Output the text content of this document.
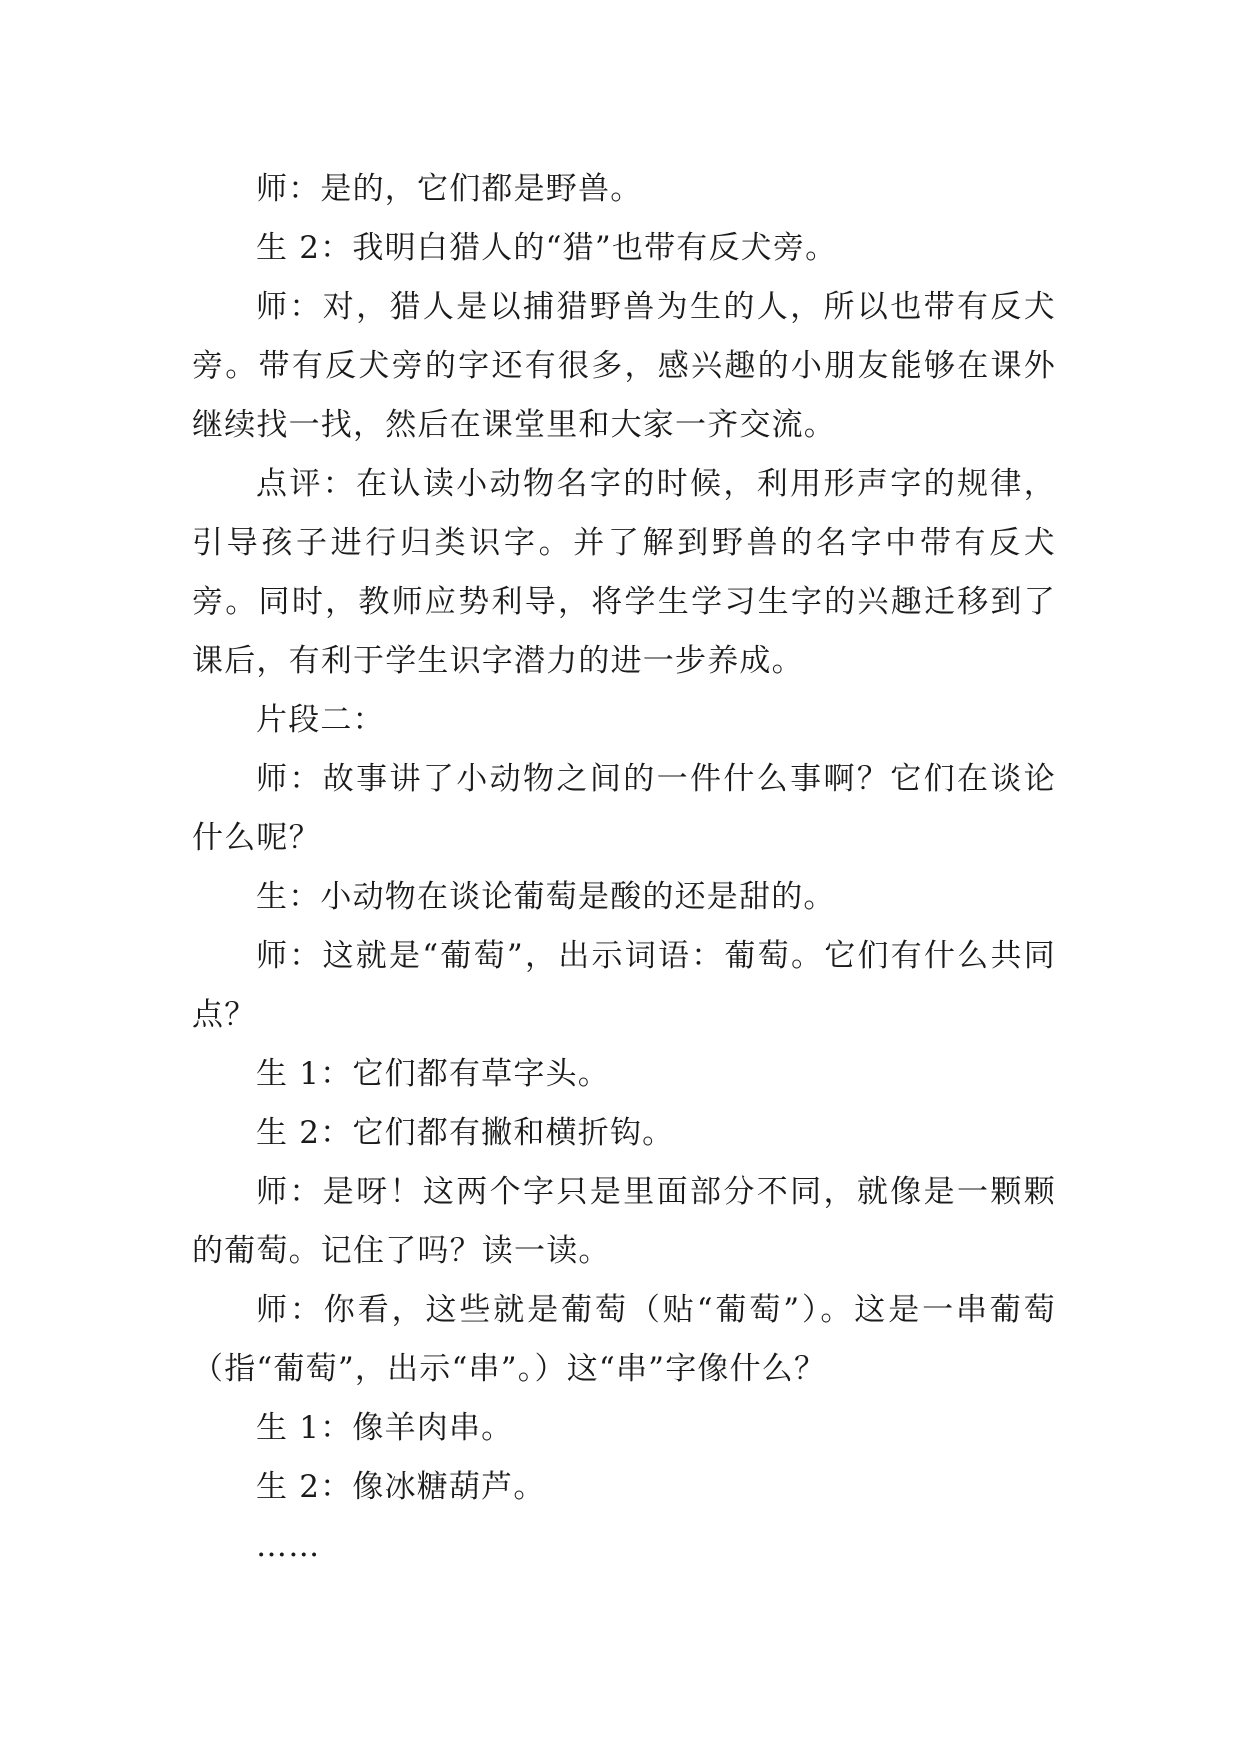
师：是的，它们都是野兽。

生 2：我明白猎人的“猎”也带有反犬旁。

师：对，猎人是以捕猎野兽为生的人，所以也带有反犬旁。带有反犬旁的字还有很多，感兴趣的小朋友能够在课外继续找一找，然后在课堂里和大家一齐交流。

点评：在认读小动物名字的时候，利用形声字的规律，引导孩子进行归类识字。并了解到野兽的名字中带有反犬旁。同时，教师应势利导，将学生学习生字的兴趣迁移到了课后，有利于学生识字潜力的进一步养成。

片段二：

师：故事讲了小动物之间的一件什么事啊？它们在谈论什么呢？

生：小动物在谈论葡萄是酸的还是甜的。

师：这就是“葡萄”，出示词语：葡萄。它们有什么共同点？

生 1：它们都有草字头。

生 2：它们都有撇和横折钩。

师：是呀！这两个字只是里面部分不同，就像是一颗颗的葡萄。记住了吗？读一读。

师：你看，这些就是葡萄（贴“葡萄”）。这是一串葡萄（指“葡萄”，出示“串”。）这“串”字像什么？

生 1：像羊肉串。

生 2：像冰糖葫芦。

……
